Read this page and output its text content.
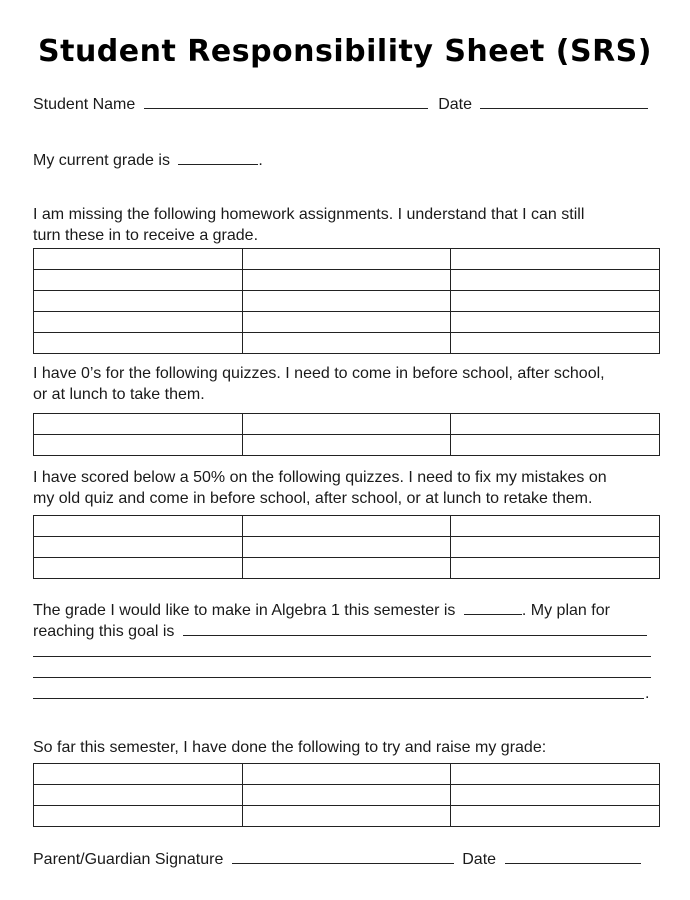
Student Responsibility Sheet (SRS)
Student Name	Date
My current grade is	.
I am missing the following homework assignments. I understand that I can still
turn these in to receive a grade.

I have 0’s for the following quizzes. I need to come in before school, after school,
or at lunch to take them.

I have scored below a 50% on the following quizzes. I need to fix my mistakes on
my old quiz and come in before school, after school, or at lunch to retake them.

The grade I would like to make in Algebra 1 this semester is	. My plan for
reaching this goal is
.
So far this semester, I have done the following to try and raise my grade:

Parent/Guardian Signature	Date
